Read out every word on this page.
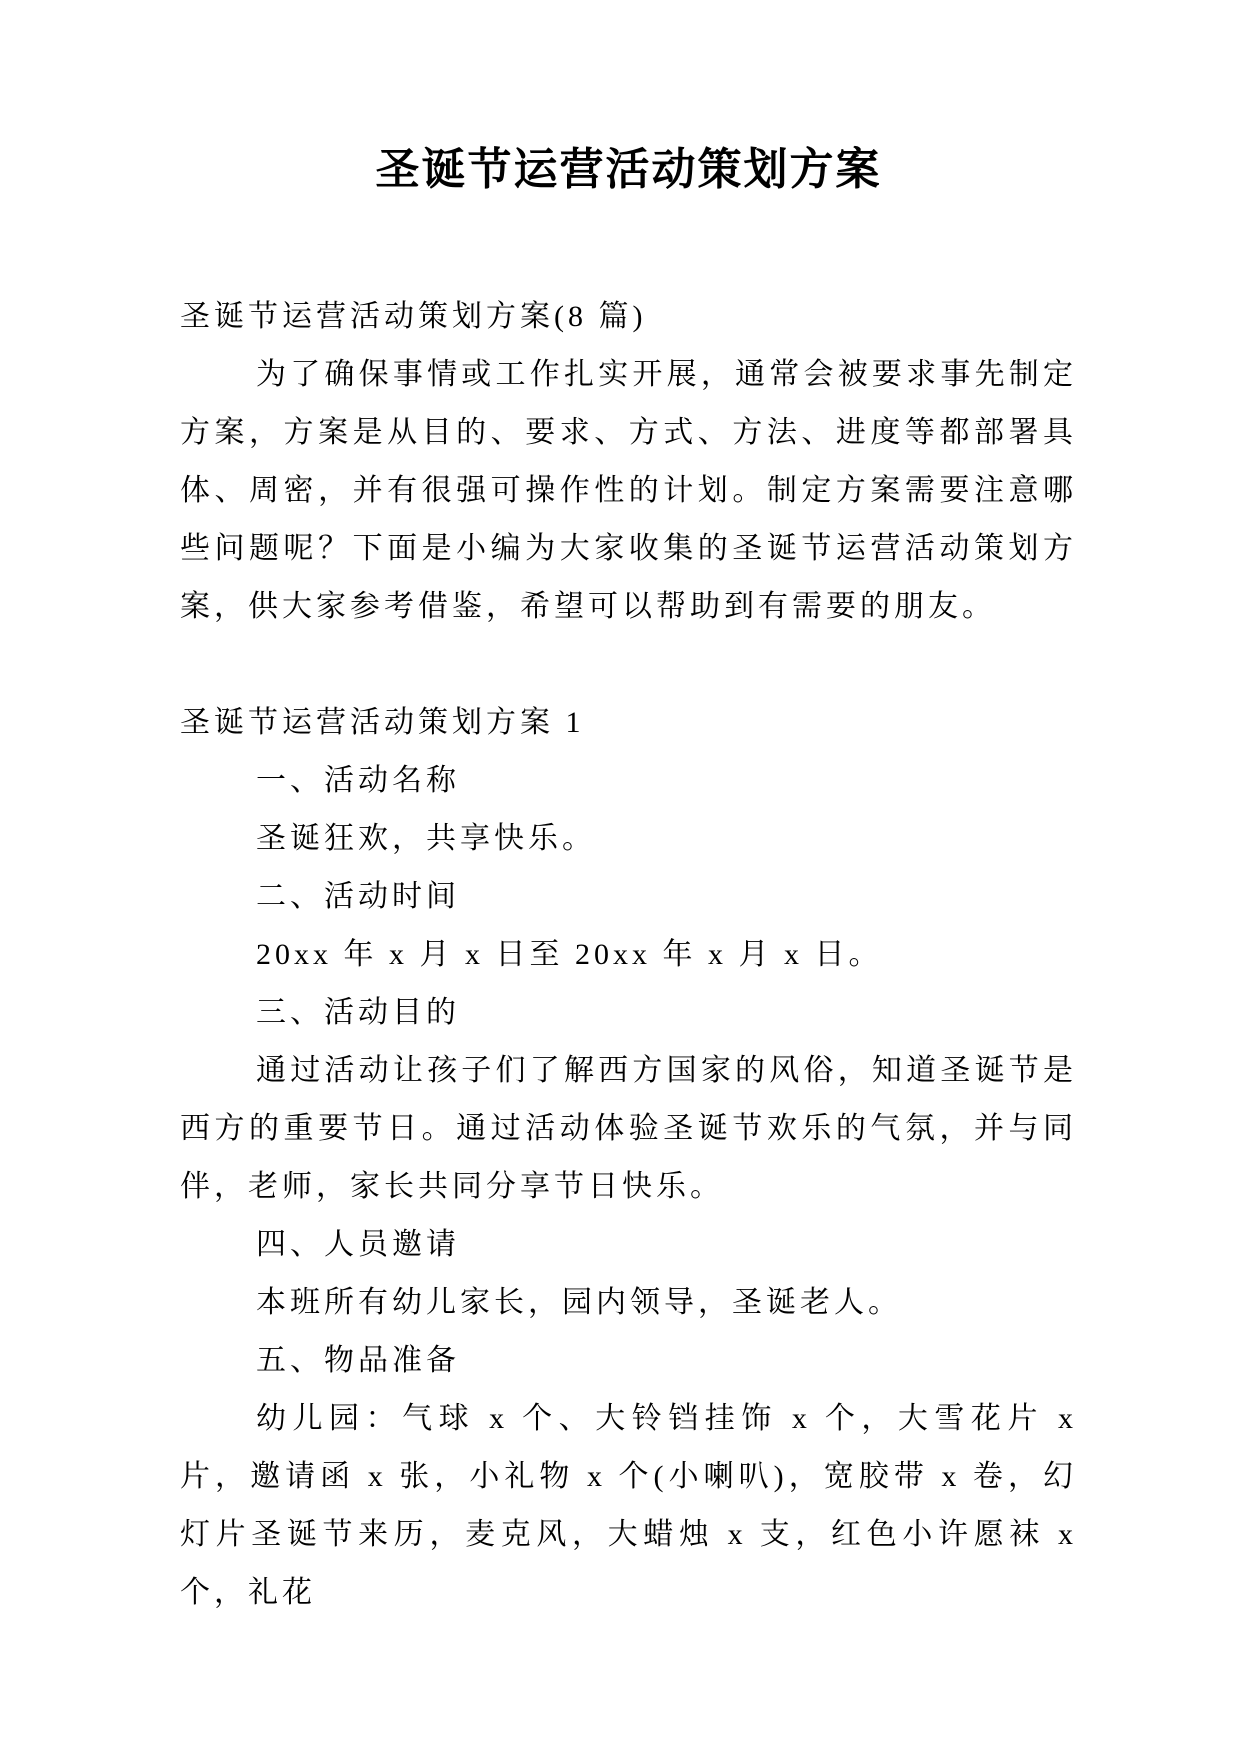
圣诞节运营活动策划方案

圣诞节运营活动策划方案(8 篇)

为了确保事情或工作扎实开展，通常会被要求事先制定方案，方案是从目的、要求、方式、方法、进度等都部署具体、周密，并有很强可操作性的计划。制定方案需要注意哪些问题呢？下面是小编为大家收集的圣诞节运营活动策划方案，供大家参考借鉴，希望可以帮助到有需要的朋友。

圣诞节运营活动策划方案 1

一、活动名称

圣诞狂欢，共享快乐。

二、活动时间

20xx 年 x 月 x 日至 20xx 年 x 月 x 日。

三、活动目的

通过活动让孩子们了解西方国家的风俗，知道圣诞节是西方的重要节日。通过活动体验圣诞节欢乐的气氛，并与同伴，老师，家长共同分享节日快乐。

四、人员邀请

本班所有幼儿家长，园内领导，圣诞老人。

五、物品准备

幼儿园：气球 x 个、大铃铛挂饰 x 个，大雪花片 x 片，邀请函 x 张，小礼物 x 个(小喇叭)，宽胶带 x 卷，幻灯片圣诞节来历，麦克风，大蜡烛 x 支，红色小许愿袜 x 个，礼花
